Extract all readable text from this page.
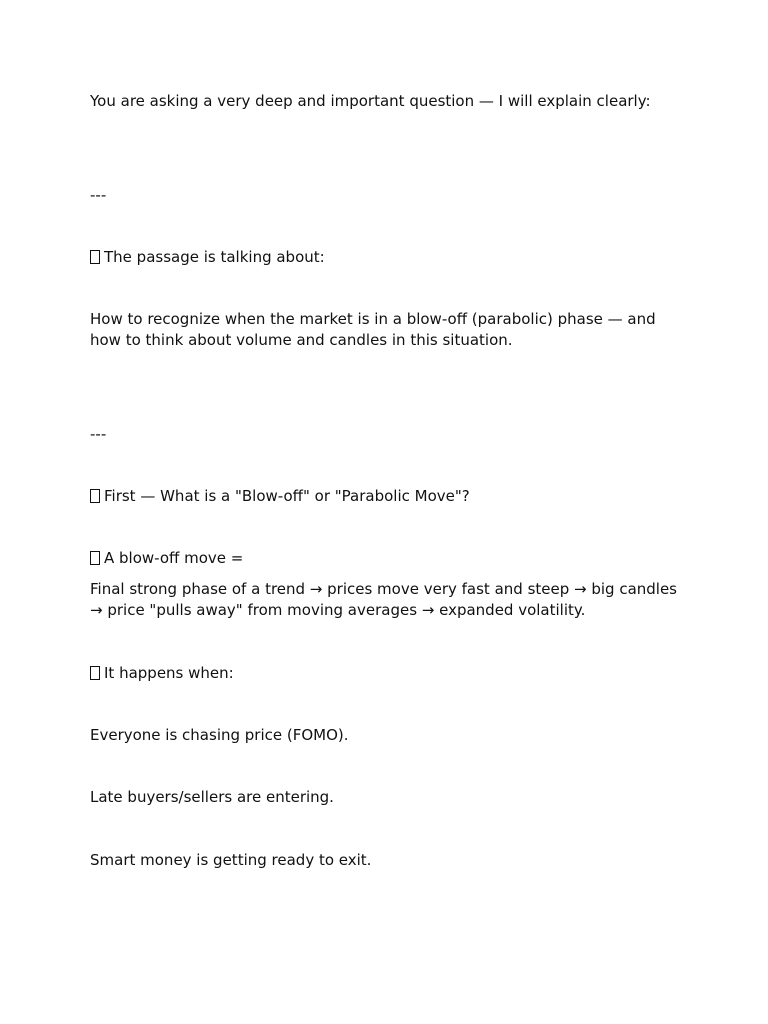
You are asking a very deep and important question — I will explain clearly:

---

The passage is talking about:

How to recognize when the market is in a blow-off (parabolic) phase — and how to think about volume and candles in this situation.

---

First — What is a "Blow-off" or "Parabolic Move"?

A blow-off move =

Final strong phase of a trend → prices move very fast and steep → big candles → price "pulls away" from moving averages → expanded volatility.

It happens when:

Everyone is chasing price (FOMO).

Late buyers/sellers are entering.

Smart money is getting ready to exit.
